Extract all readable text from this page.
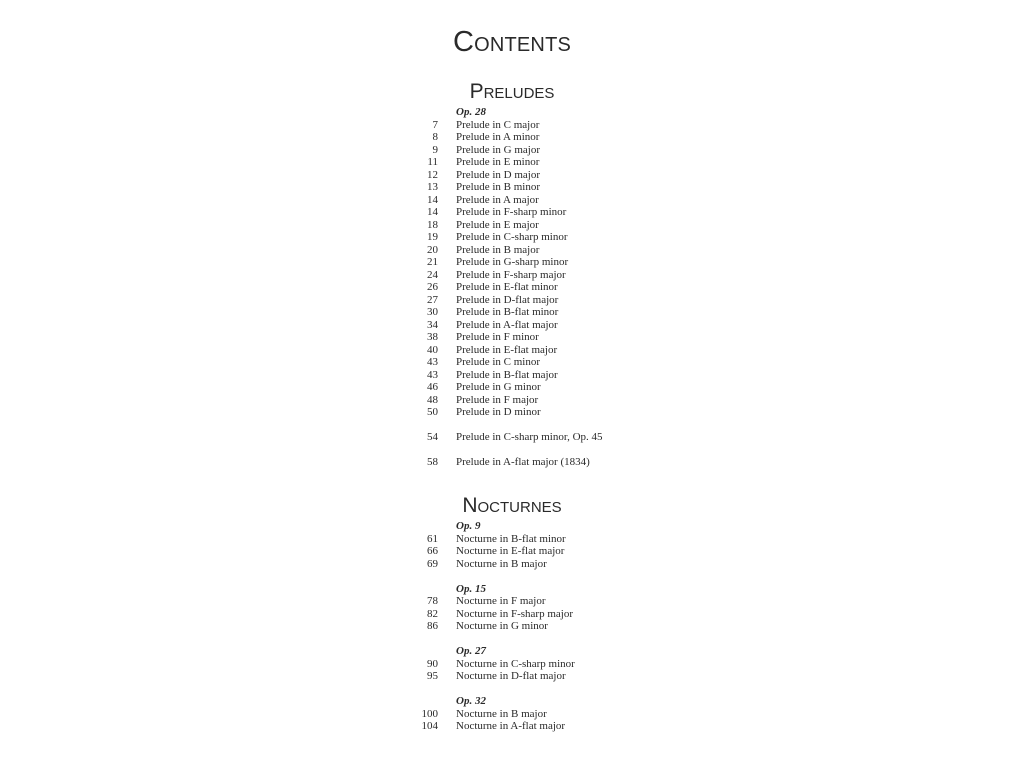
Contents
Preludes
Op. 28
7 Prelude in C major
8 Prelude in A minor
9 Prelude in G major
11 Prelude in E minor
12 Prelude in D major
13 Prelude in B minor
14 Prelude in A major
14 Prelude in F-sharp minor
18 Prelude in E major
19 Prelude in C-sharp minor
20 Prelude in B major
21 Prelude in G-sharp minor
24 Prelude in F-sharp major
26 Prelude in E-flat minor
27 Prelude in D-flat major
30 Prelude in B-flat minor
34 Prelude in A-flat major
38 Prelude in F minor
40 Prelude in E-flat major
43 Prelude in C minor
43 Prelude in B-flat major
46 Prelude in G minor
48 Prelude in F major
50 Prelude in D minor
54 Prelude in C-sharp minor, Op. 45
58 Prelude in A-flat major (1834)
Nocturnes
Op. 9
61 Nocturne in B-flat minor
66 Nocturne in E-flat major
69 Nocturne in B major
Op. 15
78 Nocturne in F major
82 Nocturne in F-sharp major
86 Nocturne in G minor
Op. 27
90 Nocturne in C-sharp minor
95 Nocturne in D-flat major
Op. 32
100 Nocturne in B major
104 Nocturne in A-flat major
